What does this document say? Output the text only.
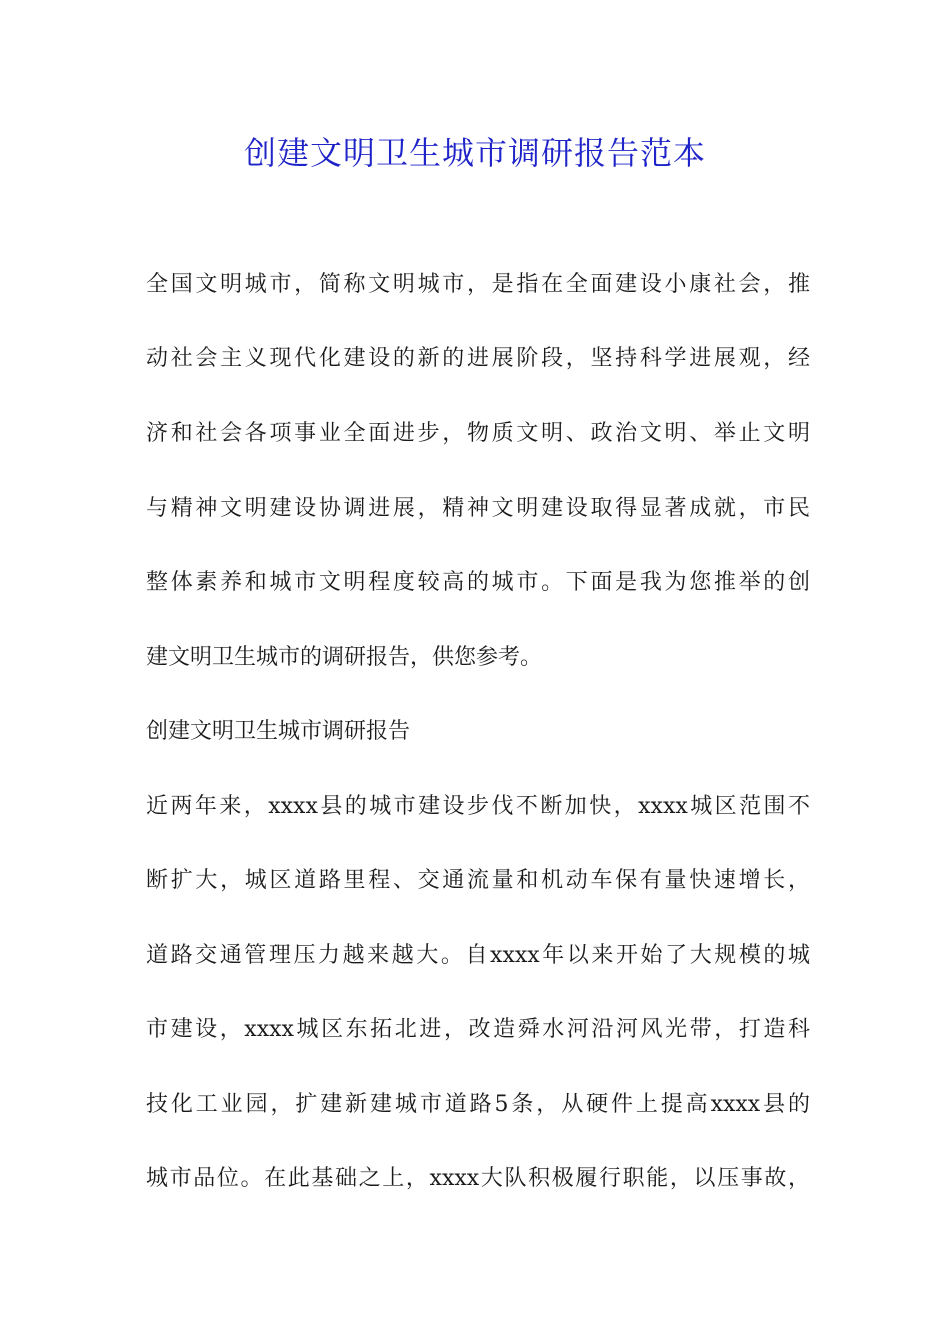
创建文明卫生城市调研报告范本

全国文明城市，简称文明城市，是指在全面建设小康社会，推

动社会主义现代化建设的新的进展阶段，坚持科学进展观，经

济和社会各项事业全面进步，物质文明、政治文明、举止文明

与精神文明建设协调进展，精神文明建设取得显著成就，市民

整体素养和城市文明程度较高的城市。下面是我为您推举的创

建文明卫生城市的调研报告，供您参考。

创建文明卫生城市调研报告

近两年来，xxxx县的城市建设步伐不断加快，xxxx城区范围不

断扩大，城区道路里程、交通流量和机动车保有量快速增长，

道路交通管理压力越来越大。自xxxx年以来开始了大规模的城

市建设，xxxx城区东拓北进，改造舜水河沿河风光带，打造科

技化工业园，扩建新建城市道路5条，从硬件上提高xxxx县的

城市品位。在此基础之上，xxxx大队积极履行职能，以压事故，
